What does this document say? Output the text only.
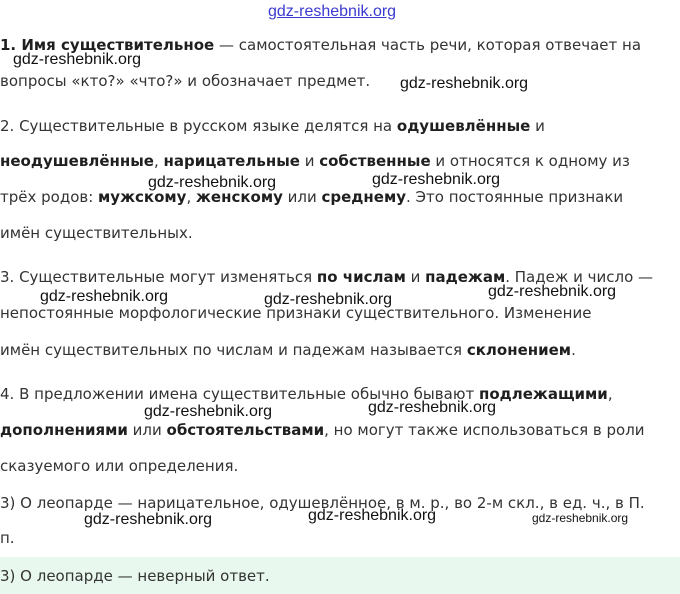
gdz-reshebnik.org
1. Имя существительное — самостоятельная часть речи, которая отвечает на
вопросы «кто?» «что?» и обозначает предмет.
2. Существительные в русском языке делятся на одушевлённые и
неодушевлённые, нарицательные и собственные и относятся к одному из
трёх родов: мужскому, женскому или среднему. Это постоянные признаки
имён существительных.
3. Существительные могут изменяться по числам и падежам. Падеж и число —
непостоянные морфологические признаки существительного. Изменение
имён существительных по числам и падежам называется склонением.
4. В предложении имена существительные обычно бывают подлежащими,
дополнениями или обстоятельствами, но могут также использоваться в роли
сказуемого или определения.
3) О леопарде — нарицательное, одушевлённое, в м. р., во 2-м скл., в ед. ч., в П.
п.
3) О леопарде — неверный ответ.
gdz-reshebnik.org
gdz-reshebnik.org
gdz-reshebnik.org	gdz-reshebnik.org
gdz-reshebnik.org	gdz-reshebnik.org	gdz-reshebnik.org
gdz-reshebnik.org	gdz-reshebnik.org
gdz-reshebnik.org	gdz-reshebnik.org	gdz-reshebnik.org
